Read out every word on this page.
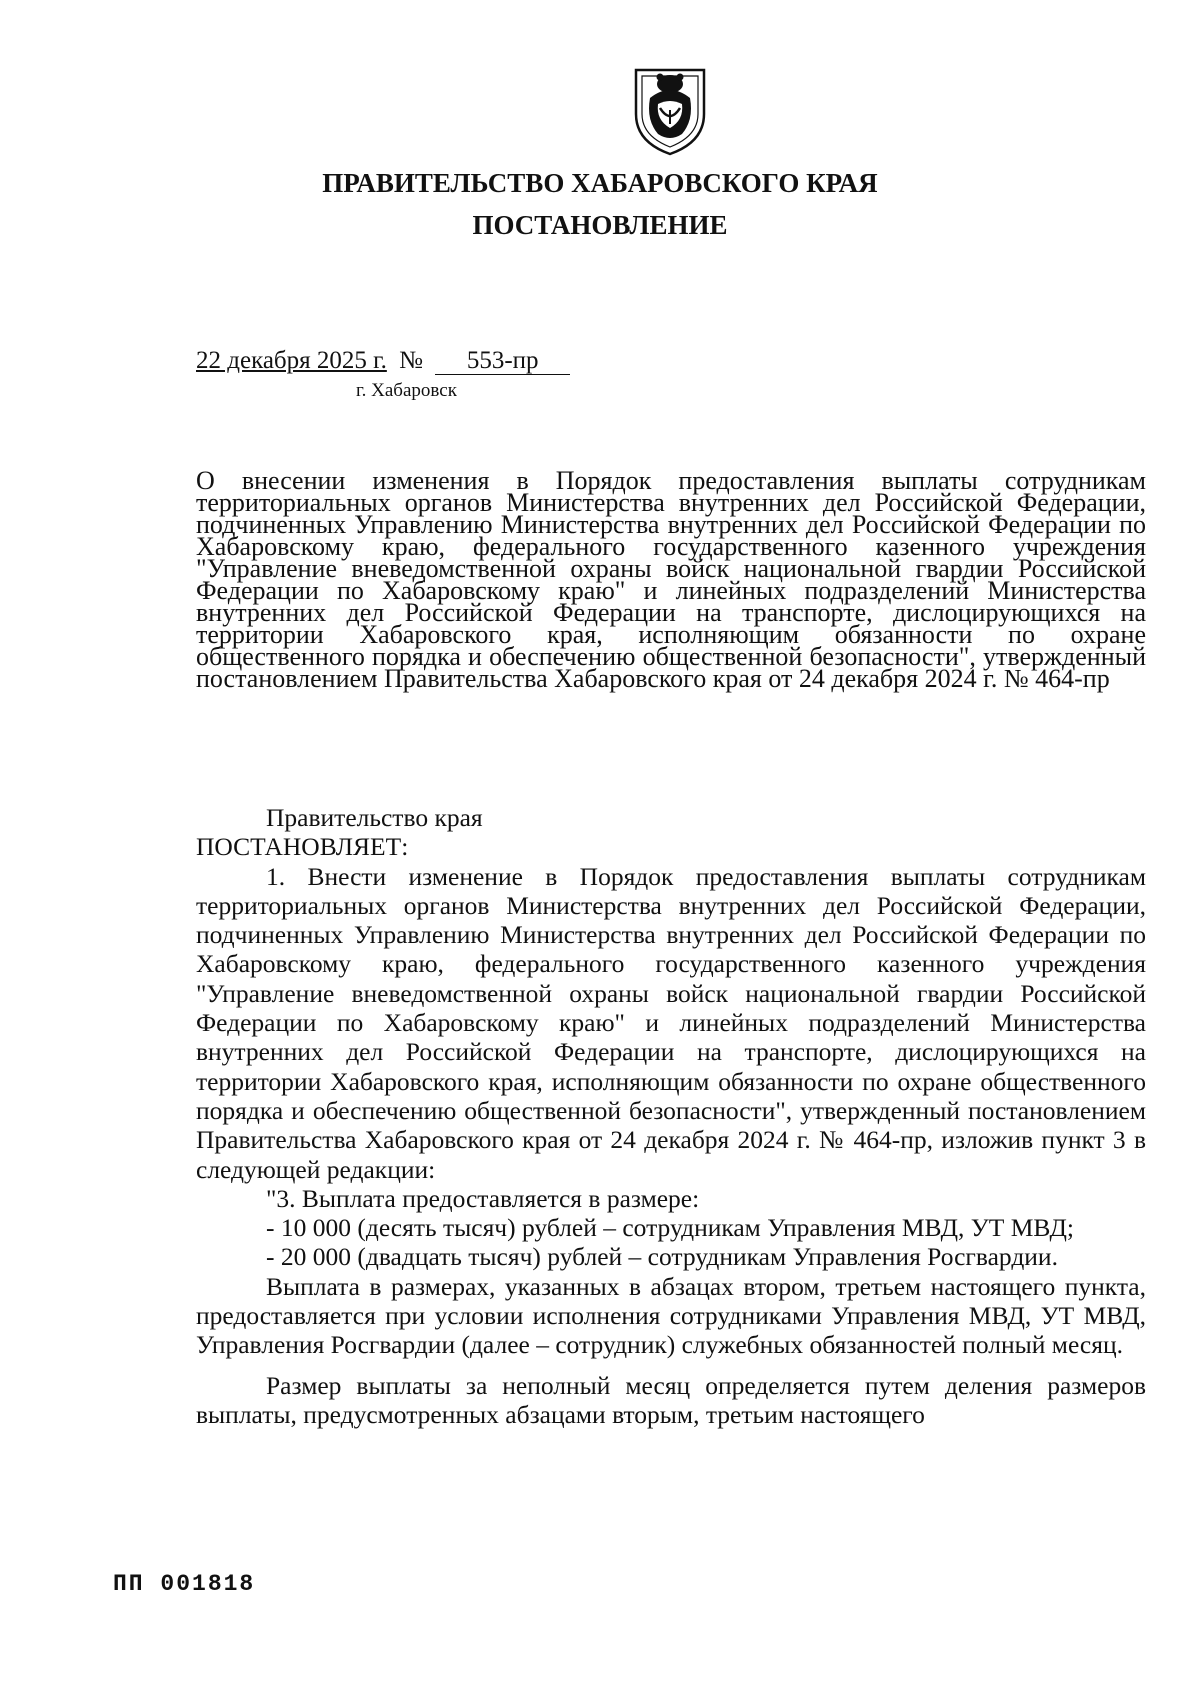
ПРАВИТЕЛЬСТВО ХАБАРОВСКОГО КРАЯ
ПОСТАНОВЛЕНИЕ
22 декабря 2025 г. № 553-пр
г. Хабаровск
О внесении изменения в Порядок предоставления выплаты сотрудникам территориальных органов Министерства внутренних дел Российской Федерации, подчиненных Управлению Министерства внутренних дел Российской Федерации по Хабаровскому краю, федерального государственного казенного учреждения "Управление вневедомственной охраны войск национальной гвардии Российской Федерации по Хабаровскому краю" и линейных подразделений Министерства внутренних дел Российской Федерации на транспорте, дислоцирующихся на территории Хабаровского края, исполняющим обязанности по охране общественного порядка и обеспечению общественной безопасности", утвержденный постановлением Правительства Хабаровского края от 24 декабря 2024 г. № 464-пр

Правительство края

ПОСТАНОВЛЯЕТ:

1. Внести изменение в Порядок предоставления выплаты сотрудникам территориальных органов Министерства внутренних дел Российской Федерации, подчиненных Управлению Министерства внутренних дел Российской Федерации по Хабаровскому краю, федерального государственного казенного учреждения "Управление вневедомственной охраны войск национальной гвардии Российской Федерации по Хабаровскому краю" и линейных подразделений Министерства внутренних дел Российской Федерации на транспорте, дислоцирующихся на территории Хабаровского края, исполняющим обязанности по охране общественного порядка и обеспечению общественной безопасности", утвержденный постановлением Правительства Хабаровского края от 24 декабря 2024 г. № 464-пр, изложив пункт 3 в следующей редакции:

"3. Выплата предоставляется в размере:

- 10 000 (десять тысяч) рублей – сотрудникам Управления МВД, УТ МВД;

- 20 000 (двадцать тысяч) рублей – сотрудникам Управления Росгвардии.

Выплата в размерах, указанных в абзацах втором, третьем настоящего пункта, предоставляется при условии исполнения сотрудниками Управления МВД, УТ МВД, Управления Росгвардии (далее – сотрудник) служебных обязанностей полный месяц.

Размер выплаты за неполный месяц определяется путем деления размеров выплаты, предусмотренных абзацами вторым, третьим настоящего

ПП 001818
